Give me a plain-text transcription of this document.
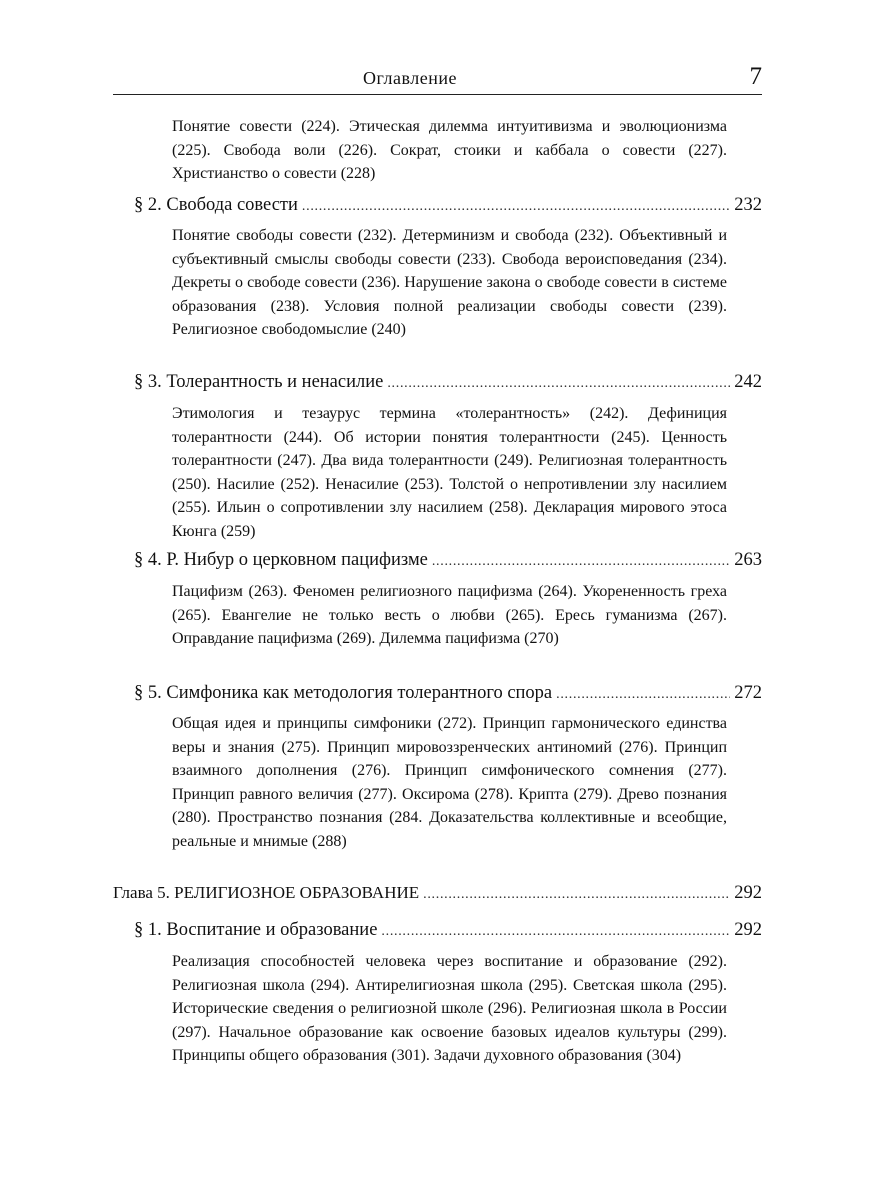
Оглавление	7
Понятие совести (224). Этическая дилемма интуитивизма и эволюционизма (225). Свобода воли (226). Сократ, стоики и каббала о совести (227). Христианство о совести (228)
§ 2. Свобода совести . . .	232
Понятие свободы совести (232). Детерминизм и свобода (232). Объективный и субъективный смыслы свободы совести (233). Свобода вероисповедания (234). Декреты о свободе совести (236). Нарушение закона о свободе совести в системе образования (238). Условия полной реализации свободы совести (239). Религиозное свободомыслие (240)
§ 3. Толерантность и ненасилие . . .	242
Этимология и тезаурус термина «толерантность» (242). Дефиниция толерантности (244). Об истории понятия толерантности (245). Ценность толерантности (247). Два вида толерантности (249). Религиозная толерантность (250). Насилие (252). Ненасилие (253). Толстой о непротивлении злу насилием (255). Ильин о сопротивлении злу насилием (258). Декларация мирового этоса Кюнга (259)
§ 4. Р. Нибур о церковном пацифизме . . .	263
Пацифизм (263). Феномен религиозного пацифизма (264). Укорененность греха (265). Евангелие не только весть о любви (265). Ересь гуманизма (267). Оправдание пацифизма (269). Дилемма пацифизма (270)
§ 5. Симфоника как методология толерантного спора . . .	272
Общая идея и принципы симфоники (272). Принцип гармонического единства веры и знания (275). Принцип мировоззренческих антиномий (276). Принцип взаимного дополнения (276). Принцип симфонического сомнения (277). Принцип равного величия (277). Оксирома (278). Крипта (279). Древо познания (280). Пространство познания (284. Доказательства коллективные и всеобщие, реальные и мнимые (288)
Глава 5. РЕЛИГИОЗНОЕ ОБРАЗОВАНИЕ . . .	292
§ 1. Воспитание и образование . . .	292
Реализация способностей человека через воспитание и образование (292). Религиозная школа (294). Антирелигиозная школа (295). Светская школа (295). Исторические сведения о религиозной школе (296). Религиозная школа в России (297). Начальное образование как освоение базовых идеалов культуры (299). Принципы общего образования (301). Задачи духовного образования (304)
